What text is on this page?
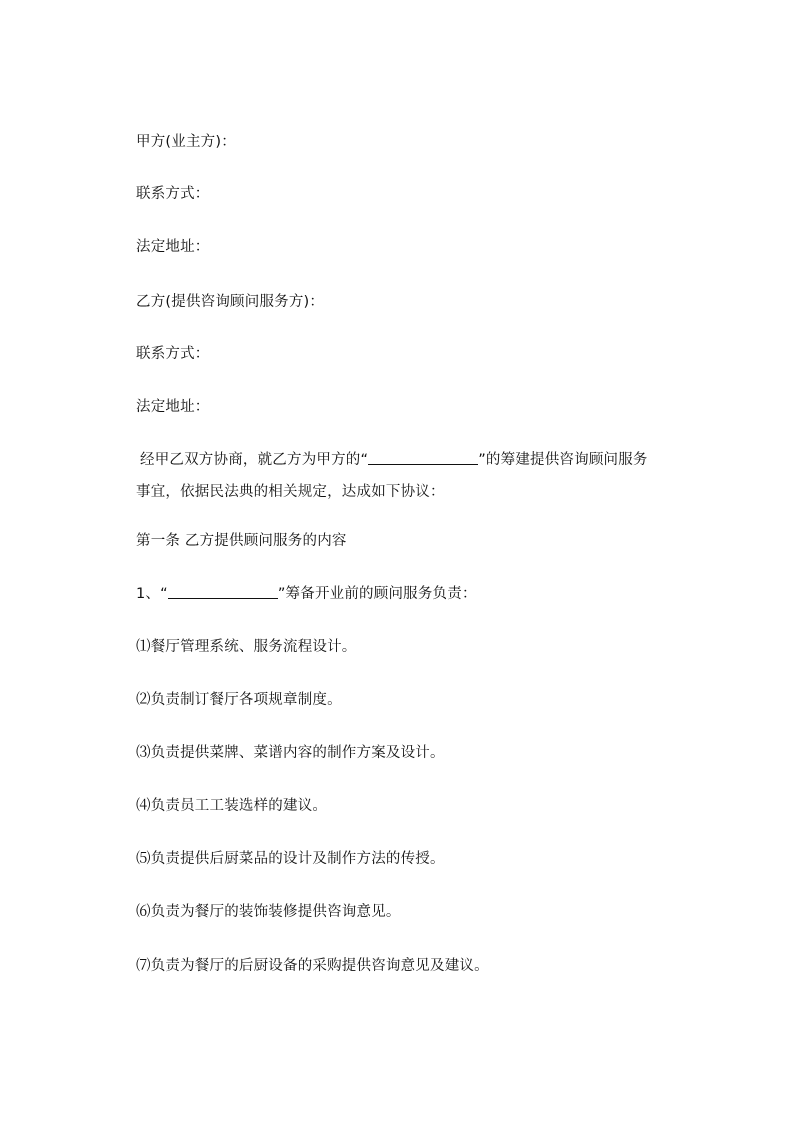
甲方(业主方)：
联系方式：
法定地址：
乙方(提供咨询顾问服务方)：
联系方式：
法定地址：
经甲乙双方协商，就乙方为甲方的“	”的筹建提供咨询顾问服务
事宜，依据民法典的相关规定，达成如下协议：
第一条 乙方提供顾问服务的内容
1、“	”筹备开业前的顾问服务负责：
⑴餐厅管理系统、服务流程设计。
⑵负责制订餐厅各项规章制度。
⑶负责提供菜牌、菜谱内容的制作方案及设计。
⑷负责员工工装选样的建议。
⑸负责提供后厨菜品的设计及制作方法的传授。
⑹负责为餐厅的装饰装修提供咨询意见。
⑺负责为餐厅的后厨设备的采购提供咨询意见及建议。
